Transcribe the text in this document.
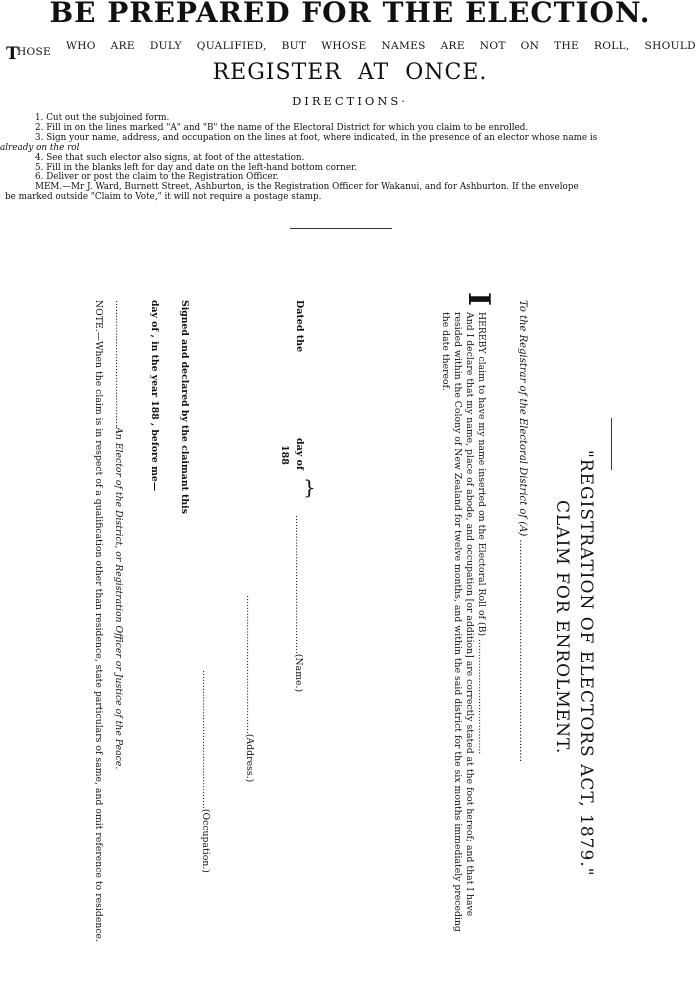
BE PREPARED FOR THE ELECTION.
THOSE WHO ARE DULY QUALIFIED, BUT WHOSE NAMES ARE NOT ON THE ROLL, SHOULD
REGISTER AT ONCE.
DIRECTIONS·
1. Cut out the subjoined form.
2. Fill in on the lines marked "A" and "B" the name of the Electoral District for which you claim to be enrolled.
3. Sign your name, address, and occupation on the lines at foot, where indicated, in the presence of an elector whose name is
already on the rol
4. See that such elector also signs, at foot of the attestation.
5. Fill in the blanks left for day and date on the left-hand bottom corner.
6. Deliver or post the claim to the Registration Officer.
MEM.—Mr J. Ward, Burnett Street, Ashburton, is the Registration Officer for Wakanui, and for Ashburton. If the envelope
be marked outside "Claim to Vote," it will not require a postage stamp.
"REGISTRATION OF ELECTORS ACT, 1879."
CLAIM FOR ENROLMENT.
To the Registrar of the Electoral District of (A) ......................................................................
I
HEREBY claim to have my name inserted on the Electoral Roll of (B) .......................................
And I declare that my name, place of abode, and occupation [or addition] are correctly stated at the foot hereof; and that I have
resided within the Colony of New Zealand for twelve months, and within the said district for the six months immediately preceding
the date thereof.
Dated the
day of
188
}
...............................................(Name.)
...............................................(Address.)
...............................................(Occupation.)
Signed and declared by the claimant this
day of , in the year 188 , before me—
...........................................An Elector of the District, or Registration Officer or Justice of the Peace.
NOTE.—When the claim is in respect of a qualification other than residence, state particulars of same, and omit reference to residence.
